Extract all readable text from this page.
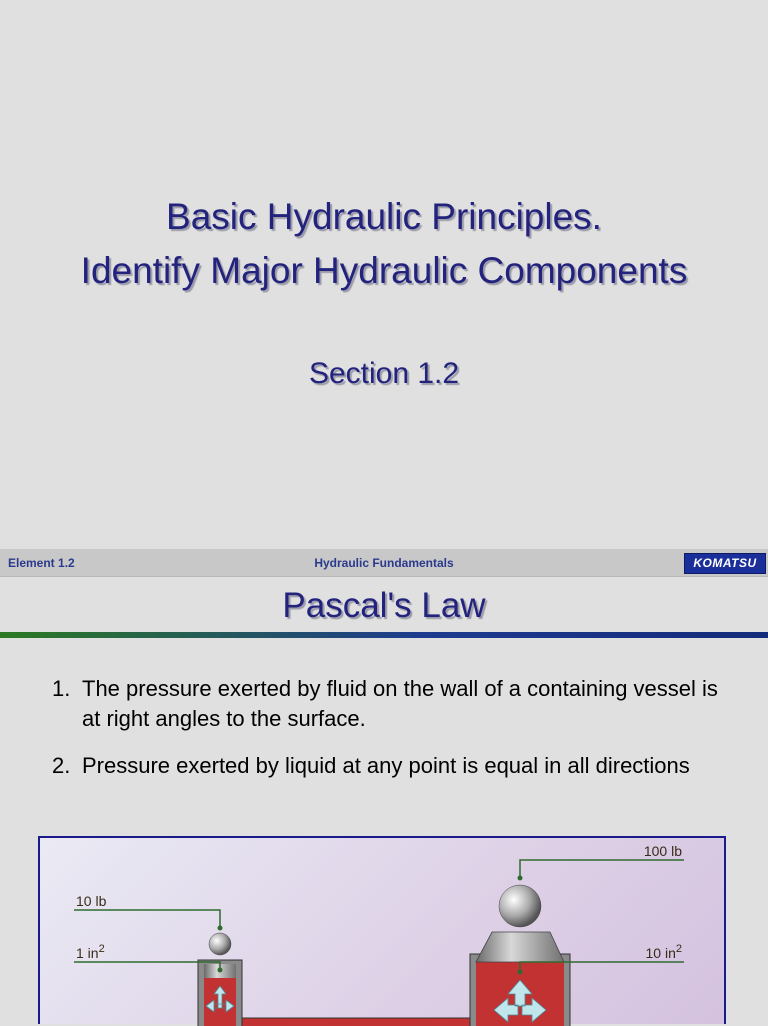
Basic Hydraulic Principles.
Identify Major Hydraulic Components
Section 1.2
Element 1.2	Hydraulic Fundamentals	KOMATSU
Pascal's Law
1. The pressure exerted by fluid on the wall of a containing vessel is at right angles to the surface.
2. Pressure exerted by liquid at any point is equal in all directions
10 lb
1 $in^2$
100 lb
10 $in^2$
